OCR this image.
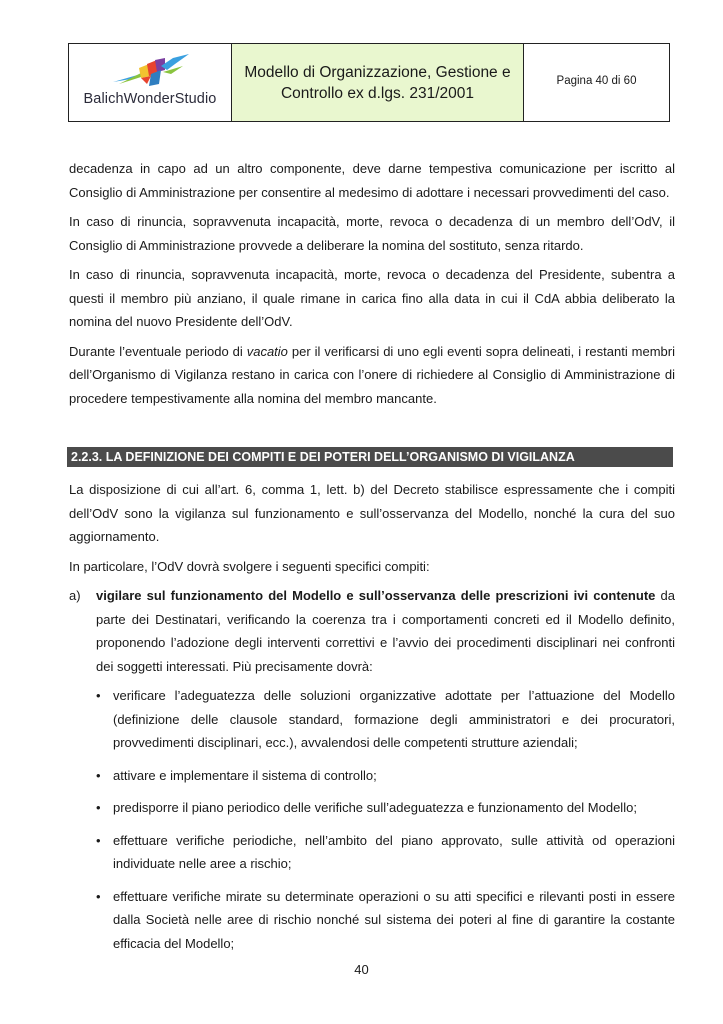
BalichWonderStudio
Modello di Organizzazione, Gestione e
Controllo ex d.lgs. 231/2001
Pagina 40 di 60

decadenza in capo ad un altro componente, deve darne tempestiva comunicazione per iscritto al Consiglio di Amministrazione per consentire al medesimo di adottare i necessari provvedimenti del caso.

In caso di rinuncia, sopravvenuta incapacità, morte, revoca o decadenza di un membro dell’OdV, il Consiglio di Amministrazione provvede a deliberare la nomina del sostituto, senza ritardo.

In caso di rinuncia, sopravvenuta incapacità, morte, revoca o decadenza del Presidente, subentra a questi il membro più anziano, il quale rimane in carica fino alla data in cui il CdA abbia deliberato la nomina del nuovo Presidente dell’OdV.

Durante l’eventuale periodo di vacatio per il verificarsi di uno egli eventi sopra delineati, i restanti membri dell’Organismo di Vigilanza restano in carica con l’onere di richiedere al Consiglio di Amministrazione di procedere tempestivamente alla nomina del membro mancante.

2.2.3. LA DEFINIZIONE DEI COMPITI E DEI POTERI DELL’ORGANISMO DI VIGILANZA

La disposizione di cui all’art. 6, comma 1, lett. b) del Decreto stabilisce espressamente che i compiti dell’OdV sono la vigilanza sul funzionamento e sull’osservanza del Modello, nonché la cura del suo aggiornamento.

In particolare, l’OdV dovrà svolgere i seguenti specifici compiti:

a)	vigilare sul funzionamento del Modello e sull’osservanza delle prescrizioni ivi contenute da parte dei Destinatari, verificando la coerenza tra i comportamenti concreti ed il Modello definito, proponendo l’adozione degli interventi correttivi e l’avvio dei procedimenti disciplinari nei confronti dei soggetti interessati. Più precisamente dovrà:

• verificare l’adeguatezza delle soluzioni organizzative adottate per l’attuazione del Modello (definizione delle clausole standard, formazione degli amministratori e dei procuratori, provvedimenti disciplinari, ecc.), avvalendosi delle competenti strutture aziendali;
• attivare e implementare il sistema di controllo;
• predisporre il piano periodico delle verifiche sull’adeguatezza e funzionamento del Modello;
• effettuare verifiche periodiche, nell’ambito del piano approvato, sulle attività od operazioni individuate nelle aree a rischio;
• effettuare verifiche mirate su determinate operazioni o su atti specifici e rilevanti posti in essere dalla Società nelle aree di rischio nonché sul sistema dei poteri al fine di garantire la costante efficacia del Modello;
40
